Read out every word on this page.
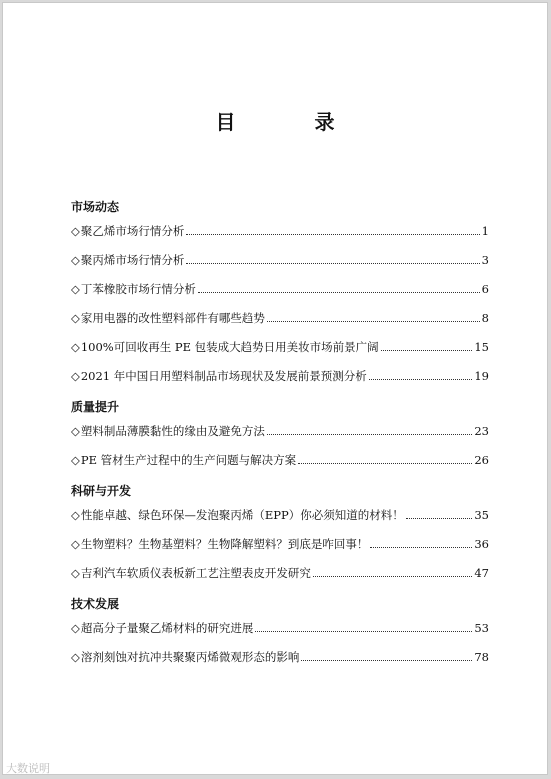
目 录
市场动态
◇ 聚乙烯市场行情分析	1
◇ 聚丙烯市场行情分析	3
◇ 丁苯橡胶市场行情分析	6
◇ 家用电器的改性塑料部件有哪些趋势	8
◇ 100%可回收再生 PE 包装成大趋势日用美妆市场前景广阔	15
◇ 2021 年中国日用塑料制品市场现状及发展前景预测分析	19
质量提升
◇ 塑料制品薄膜黏性的缘由及避免方法	23
◇ PE 管材生产过程中的生产问题与解决方案	26
科研与开发
◇ 性能卓越、绿色环保—发泡聚丙烯（EPP）你必须知道的材料！	35
◇ 生物塑料？生物基塑料？生物降解塑料？到底是咋回事！	36
◇ 吉利汽车软质仪表板新工艺注塑表皮开发研究	47
技术发展
◇ 超高分子量聚乙烯材料的研究进展	53
◇ 溶剂刻蚀对抗冲共聚聚丙烯微观形态的影响	78
大数说明
